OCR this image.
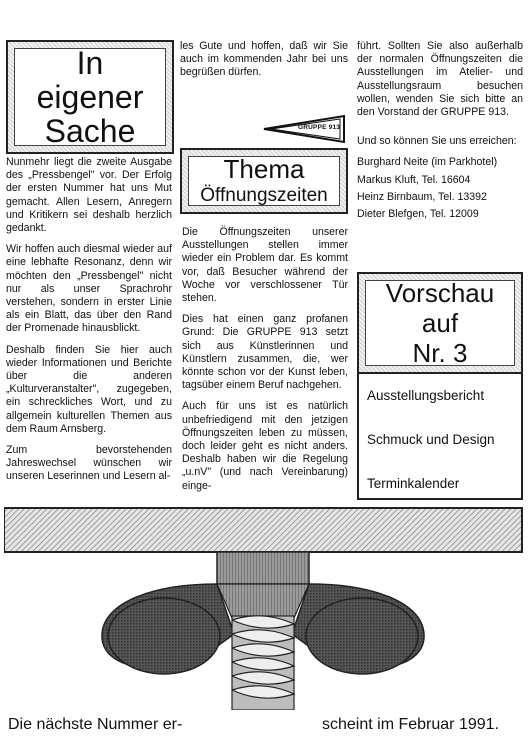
In
eigener
Sache

Nunmehr liegt die zweite Ausgabe des „Pressbengel" vor. Der Erfolg der ersten Nummer hat uns Mut gemacht. Allen Lesern, Anregern und Kritikern sei deshalb herzlich gedankt.

Wir hoffen auch diesmal wieder auf eine lebhafte Resonanz, denn wir möchten den „Pressbengel" nicht nur als unser Sprachrohr verstehen, sondern in erster Linie als ein Blatt, das über den Rand der Promenade hinausblickt.

Deshalb finden Sie hier auch wieder Informationen und Berichte über die anderen „Kulturveranstalter", zugegeben, ein schreckliches Wort, und zu allgemein kulturellen Themen aus dem Raum Arnsberg.

Zum bevorstehenden Jahreswechsel wünschen wir unseren Leserinnen und Lesern al-

les Gute und hoffen, daß wir Sie auch im kommenden Jahr bei uns begrüßen dürfen.

GRUPPE 913
Thema
Öffnungszeiten

Die Öffnungszeiten unserer Ausstellungen stellen immer wieder ein Problem dar. Es kommt vor, daß Besucher während der Woche vor verschlossener Tür stehen.

Dies hat einen ganz profanen Grund: Die GRUPPE 913 setzt sich aus Künstlerinnen und Künstlern zusammen, die, wer könnte schon vor der Kunst leben, tagsüber einem Beruf nachgehen.

Auch für uns ist es natürlich unbefriedigend mit den jetzigen Öffnungszeiten leben zu müssen, doch leider geht es nicht anders. Deshalb haben wir die Regelung „u.nV" (und nach Vereinbarung) einge-

führt. Sollten Sie also außerhalb der normalen Öffnungszeiten die Ausstellungen im Atelier- und Ausstellungsraum besuchen wollen, wenden Sie sich bitte an den Vorstand der GRUPPE 913.

Und so können Sie uns erreichen:

Burghard Neite (im Parkhotel)
Markus Kluft, Tel. 16604
Heinz Birnbaum, Tel. 13392
Dieter Blefgen, Tel. 12009
Vorschau
auf
Nr. 3
Ausstellungsbericht
Schmuck und Design
Terminkalender
Die nächste Nummer er-	scheint im Februar 1991.
